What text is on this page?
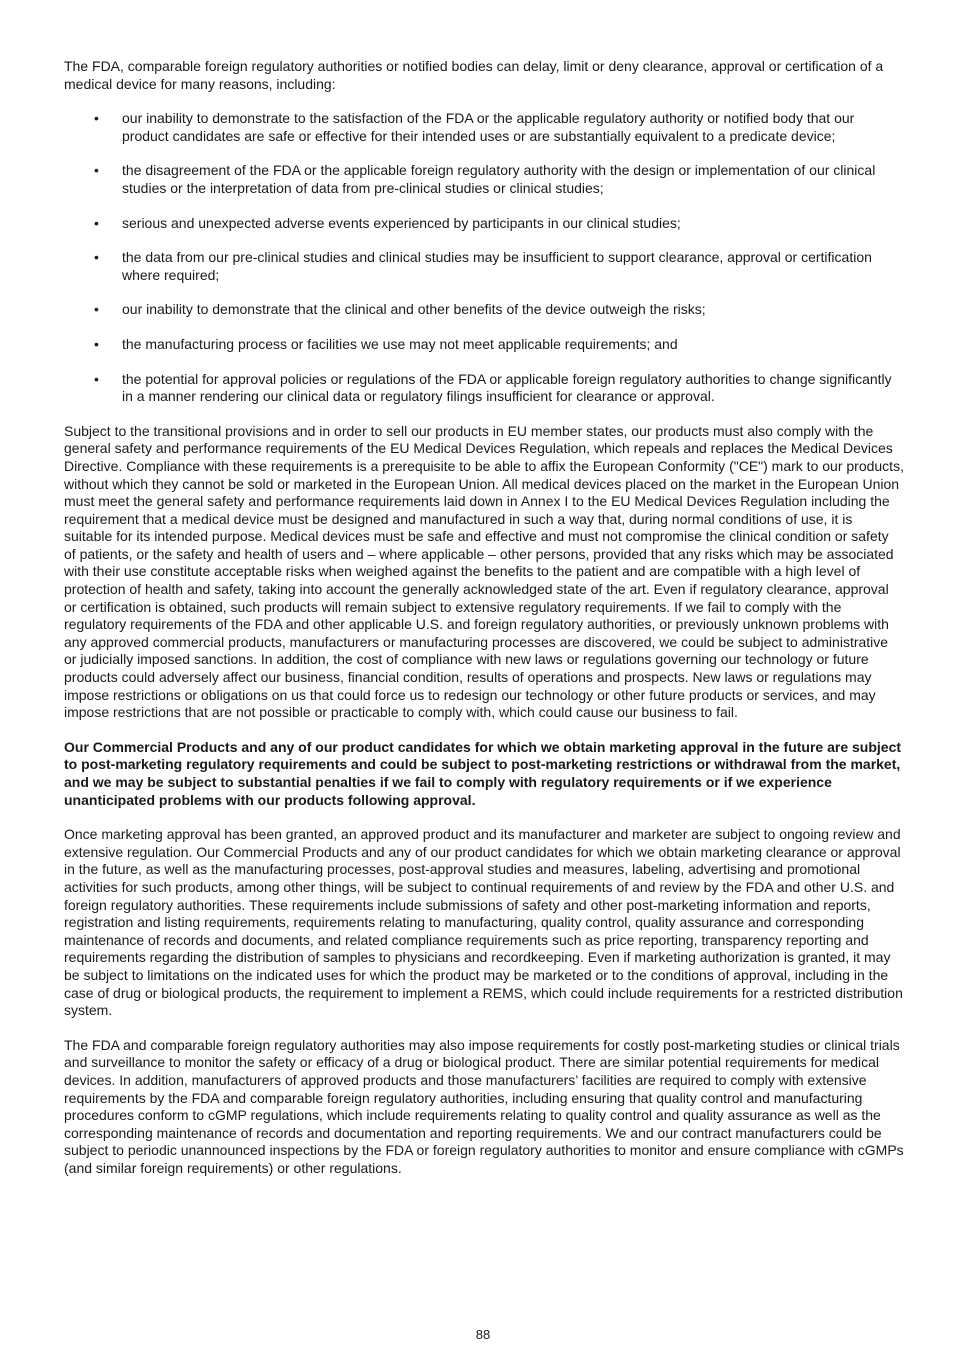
The FDA, comparable foreign regulatory authorities or notified bodies can delay, limit or deny clearance, approval or certification of a medical device for many reasons, including:

• our inability to demonstrate to the satisfaction of the FDA or the applicable regulatory authority or notified body that our product candidates are safe or effective for their intended uses or are substantially equivalent to a predicate device;
• the disagreement of the FDA or the applicable foreign regulatory authority with the design or implementation of our clinical studies or the interpretation of data from pre-clinical studies or clinical studies;
• serious and unexpected adverse events experienced by participants in our clinical studies;
• the data from our pre-clinical studies and clinical studies may be insufficient to support clearance, approval or certification where required;
• our inability to demonstrate that the clinical and other benefits of the device outweigh the risks;
• the manufacturing process or facilities we use may not meet applicable requirements; and
• the potential for approval policies or regulations of the FDA or applicable foreign regulatory authorities to change significantly in a manner rendering our clinical data or regulatory filings insufficient for clearance or approval.

Subject to the transitional provisions and in order to sell our products in EU member states, our products must also comply with the general safety and performance requirements of the EU Medical Devices Regulation, which repeals and replaces the Medical Devices Directive. Compliance with these requirements is a prerequisite to be able to affix the European Conformity ("CE") mark to our products, without which they cannot be sold or marketed in the European Union. All medical devices placed on the market in the European Union must meet the general safety and performance requirements laid down in Annex I to the EU Medical Devices Regulation including the requirement that a medical device must be designed and manufactured in such a way that, during normal conditions of use, it is suitable for its intended purpose. Medical devices must be safe and effective and must not compromise the clinical condition or safety of patients, or the safety and health of users and – where applicable – other persons, provided that any risks which may be associated with their use constitute acceptable risks when weighed against the benefits to the patient and are compatible with a high level of protection of health and safety, taking into account the generally acknowledged state of the art. Even if regulatory clearance, approval or certification is obtained, such products will remain subject to extensive regulatory requirements. If we fail to comply with the regulatory requirements of the FDA and other applicable U.S. and foreign regulatory authorities, or previously unknown problems with any approved commercial products, manufacturers or manufacturing processes are discovered, we could be subject to administrative or judicially imposed sanctions. In addition, the cost of compliance with new laws or regulations governing our technology or future products could adversely affect our business, financial condition, results of operations and prospects. New laws or regulations may impose restrictions or obligations on us that could force us to redesign our technology or other future products or services, and may impose restrictions that are not possible or practicable to comply with, which could cause our business to fail.

Our Commercial Products and any of our product candidates for which we obtain marketing approval in the future are subject to post-marketing regulatory requirements and could be subject to post-marketing restrictions or withdrawal from the market, and we may be subject to substantial penalties if we fail to comply with regulatory requirements or if we experience unanticipated problems with our products following approval.

Once marketing approval has been granted, an approved product and its manufacturer and marketer are subject to ongoing review and extensive regulation. Our Commercial Products and any of our product candidates for which we obtain marketing clearance or approval in the future, as well as the manufacturing processes, post-approval studies and measures, labeling, advertising and promotional activities for such products, among other things, will be subject to continual requirements of and review by the FDA and other U.S. and foreign regulatory authorities. These requirements include submissions of safety and other post-marketing information and reports, registration and listing requirements, requirements relating to manufacturing, quality control, quality assurance and corresponding maintenance of records and documents, and related compliance requirements such as price reporting, transparency reporting and requirements regarding the distribution of samples to physicians and recordkeeping. Even if marketing authorization is granted, it may be subject to limitations on the indicated uses for which the product may be marketed or to the conditions of approval, including in the case of drug or biological products, the requirement to implement a REMS, which could include requirements for a restricted distribution system.

The FDA and comparable foreign regulatory authorities may also impose requirements for costly post-marketing studies or clinical trials and surveillance to monitor the safety or efficacy of a drug or biological product. There are similar potential requirements for medical devices. In addition, manufacturers of approved products and those manufacturers’ facilities are required to comply with extensive requirements by the FDA and comparable foreign regulatory authorities, including ensuring that quality control and manufacturing procedures conform to cGMP regulations, which include requirements relating to quality control and quality assurance as well as the corresponding maintenance of records and documentation and reporting requirements. We and our contract manufacturers could be subject to periodic unannounced inspections by the FDA or foreign regulatory authorities to monitor and ensure compliance with cGMPs (and similar foreign requirements) or other regulations.

88
